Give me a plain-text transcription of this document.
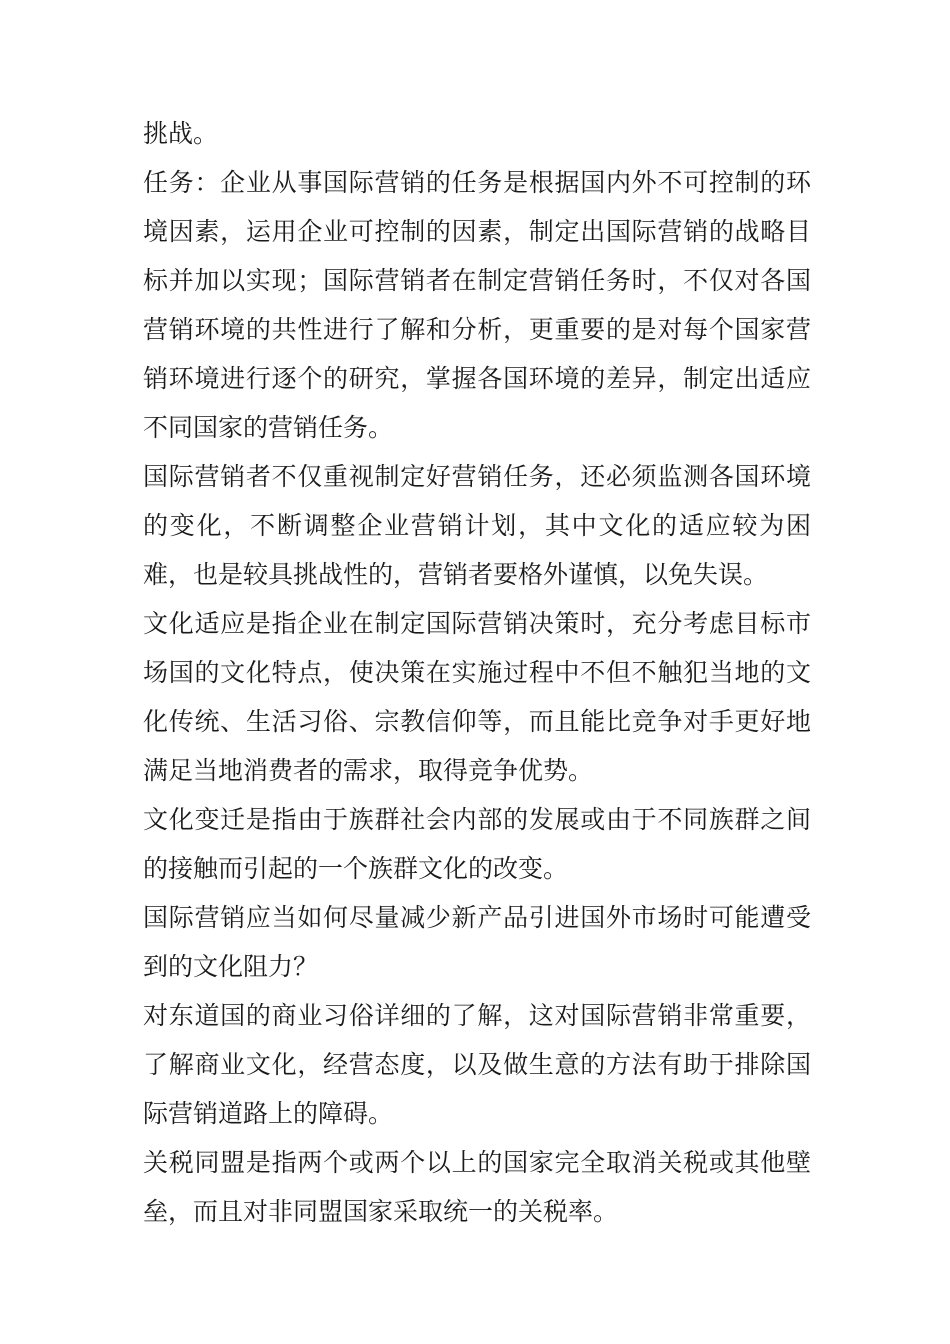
挑战。

任务：企业从事国际营销的任务是根据国内外不可控制的环境因素，运用企业可控制的因素，制定出国际营销的战略目标并加以实现；国际营销者在制定营销任务时，不仅对各国营销环境的共性进行了解和分析，更重要的是对每个国家营销环境进行逐个的研究，掌握各国环境的差异，制定出适应不同国家的营销任务。

国际营销者不仅重视制定好营销任务，还必须监测各国环境的变化，不断调整企业营销计划，其中文化的适应较为困难，也是较具挑战性的，营销者要格外谨慎，以免失误。

文化适应是指企业在制定国际营销决策时，充分考虑目标市场国的文化特点，使决策在实施过程中不但不触犯当地的文化传统、生活习俗、宗教信仰等，而且能比竞争对手更好地满足当地消费者的需求，取得竞争优势。

文化变迁是指由于族群社会内部的发展或由于不同族群之间的接触而引起的一个族群文化的改变。

国际营销应当如何尽量减少新产品引进国外市场时可能遭受到的文化阻力？

对东道国的商业习俗详细的了解，这对国际营销非常重要，了解商业文化，经营态度，以及做生意的方法有助于排除国际营销道路上的障碍。

关税同盟是指两个或两个以上的国家完全取消关税或其他壁垒，而且对非同盟国家采取统一的关税率。
